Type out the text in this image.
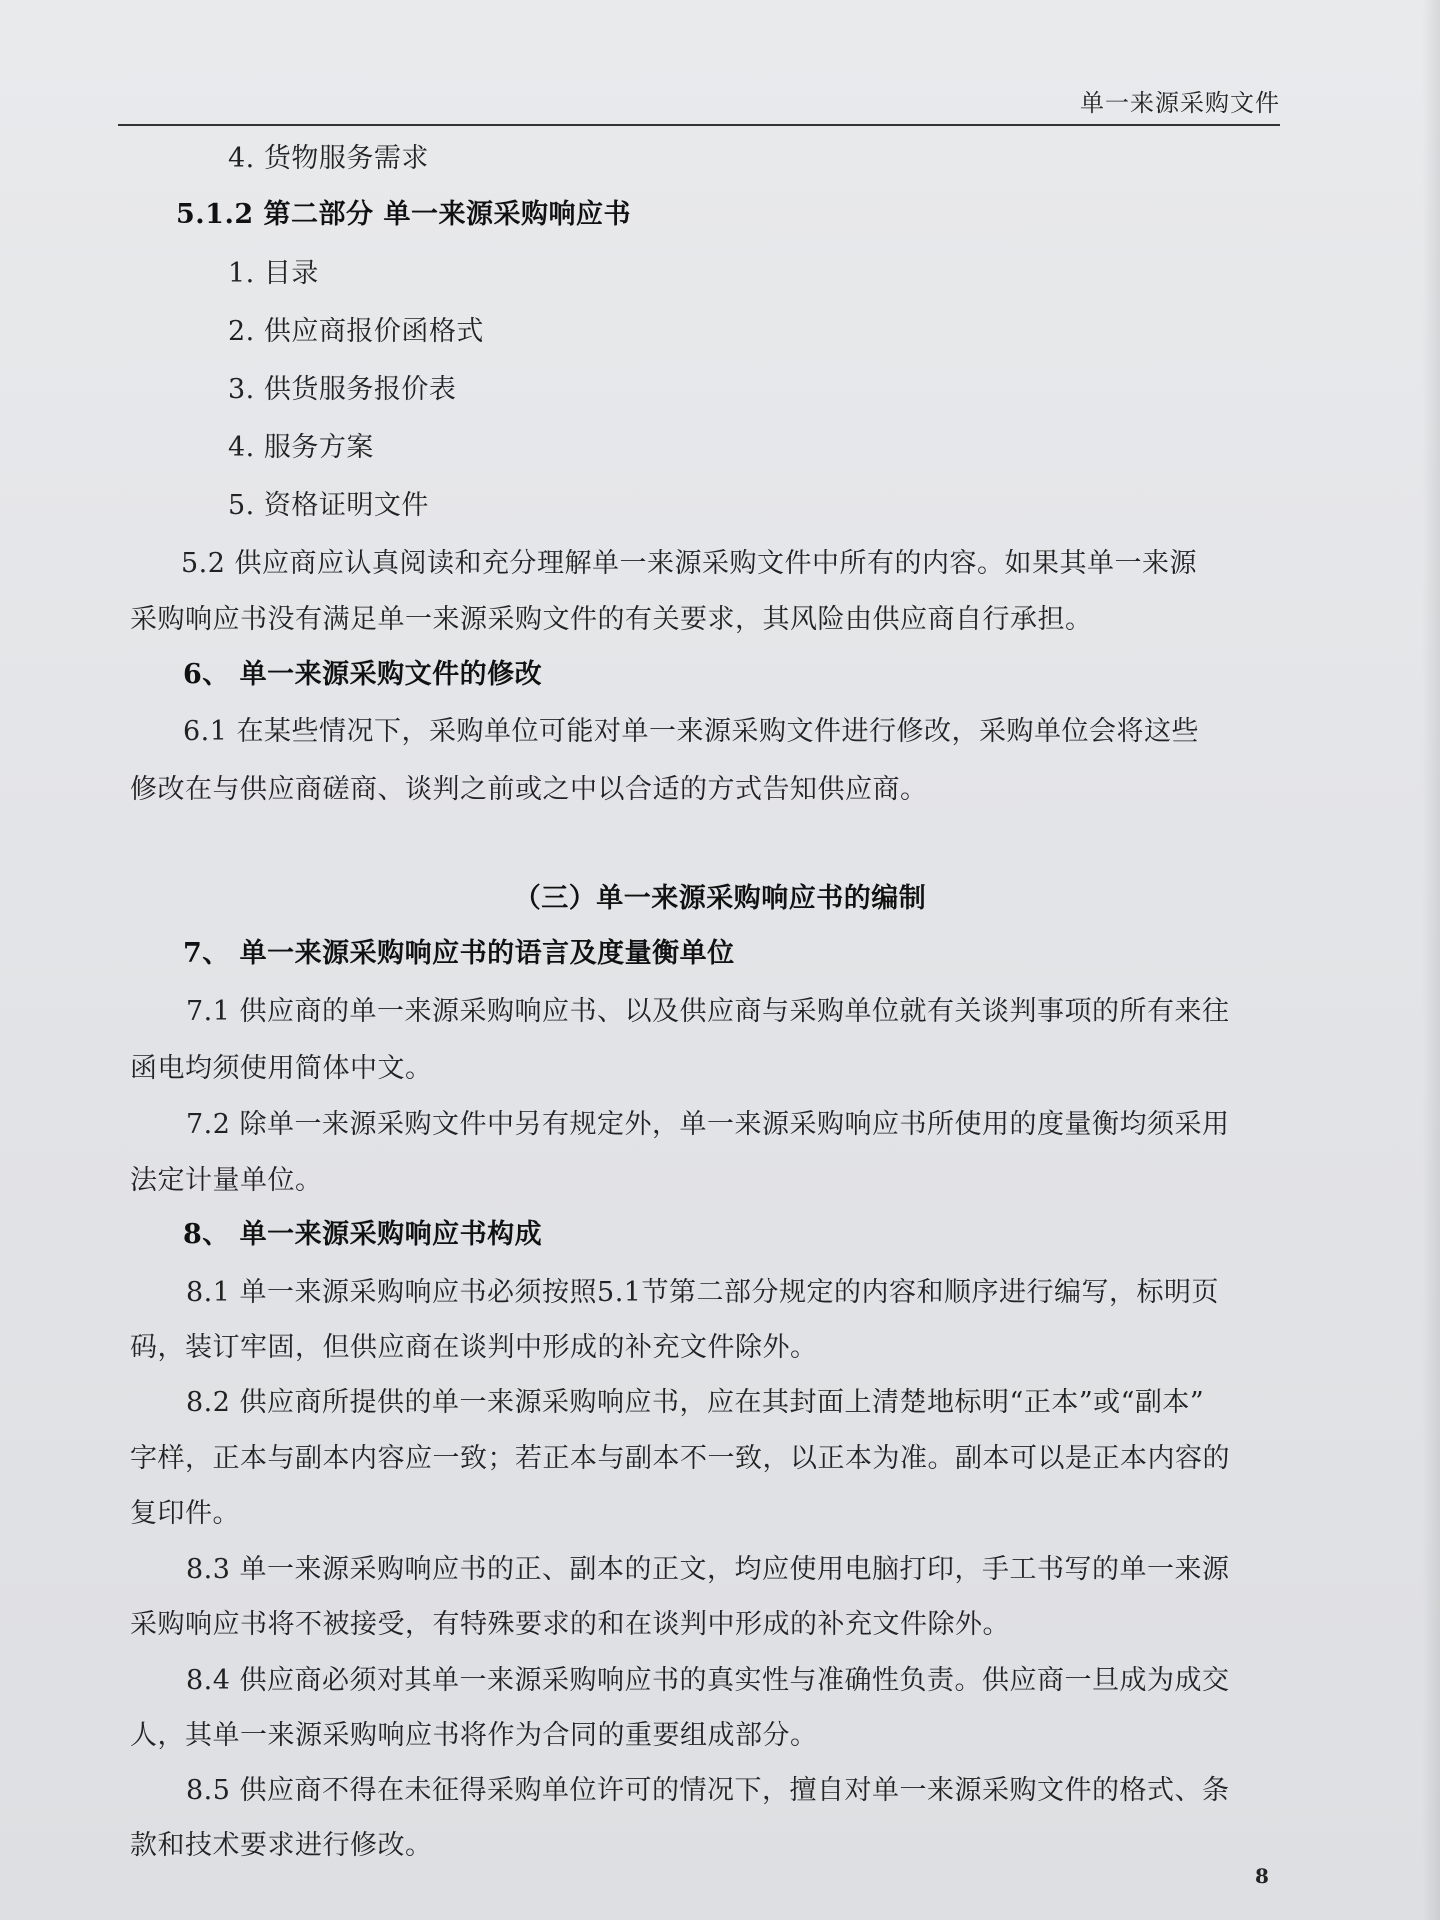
单一来源采购文件
4. 货物服务需求
5.1.2 第二部分 单一来源采购响应书
1. 目录
2. 供应商报价函格式
3. 供货服务报价表
4. 服务方案
5. 资格证明文件
5.2 供应商应认真阅读和充分理解单一来源采购文件中所有的内容。如果其单一来源
采购响应书没有满足单一来源采购文件的有关要求，其风险由供应商自行承担。
6、 单一来源采购文件的修改
6.1 在某些情况下，采购单位可能对单一来源采购文件进行修改，采购单位会将这些
修改在与供应商磋商、谈判之前或之中以合适的方式告知供应商。
（三）单一来源采购响应书的编制
7、 单一来源采购响应书的语言及度量衡单位
7.1 供应商的单一来源采购响应书、以及供应商与采购单位就有关谈判事项的所有来往
函电均须使用简体中文。
7.2 除单一来源采购文件中另有规定外，单一来源采购响应书所使用的度量衡均须采用
法定计量单位。
8、 单一来源采购响应书构成
8.1 单一来源采购响应书必须按照5.1节第二部分规定的内容和顺序进行编写，标明页
码，装订牢固，但供应商在谈判中形成的补充文件除外。
8.2 供应商所提供的单一来源采购响应书，应在其封面上清楚地标明“正本”或“副本”
字样，正本与副本内容应一致；若正本与副本不一致，以正本为准。副本可以是正本内容的
复印件。
8.3 单一来源采购响应书的正、副本的正文，均应使用电脑打印，手工书写的单一来源
采购响应书将不被接受，有特殊要求的和在谈判中形成的补充文件除外。
8.4 供应商必须对其单一来源采购响应书的真实性与准确性负责。供应商一旦成为成交
人，其单一来源采购响应书将作为合同的重要组成部分。
8.5 供应商不得在未征得采购单位许可的情况下，擅自对单一来源采购文件的格式、条
款和技术要求进行修改。
8
